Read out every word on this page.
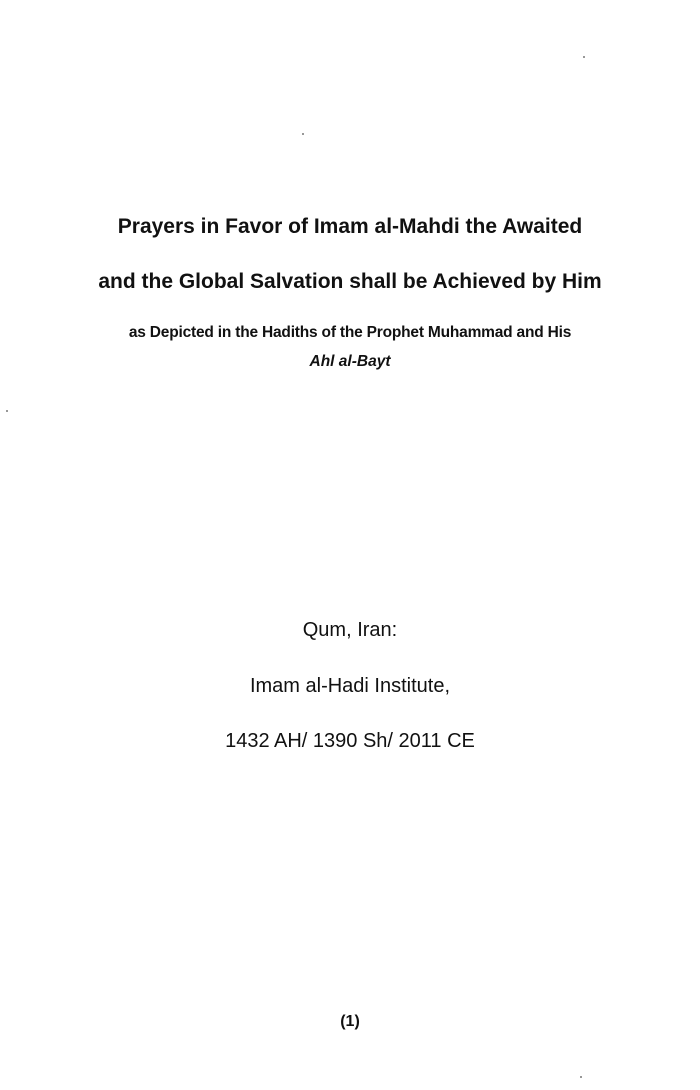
Prayers in Favor of Imam al-Mahdi the Awaited
and the Global Salvation shall be Achieved by Him
as Depicted in the Hadiths of the Prophet Muhammad and His
Ahl al-Bayt
Qum, Iran:
Imam al-Hadi Institute,
1432 AH/ 1390 Sh/ 2011 CE
(1)
